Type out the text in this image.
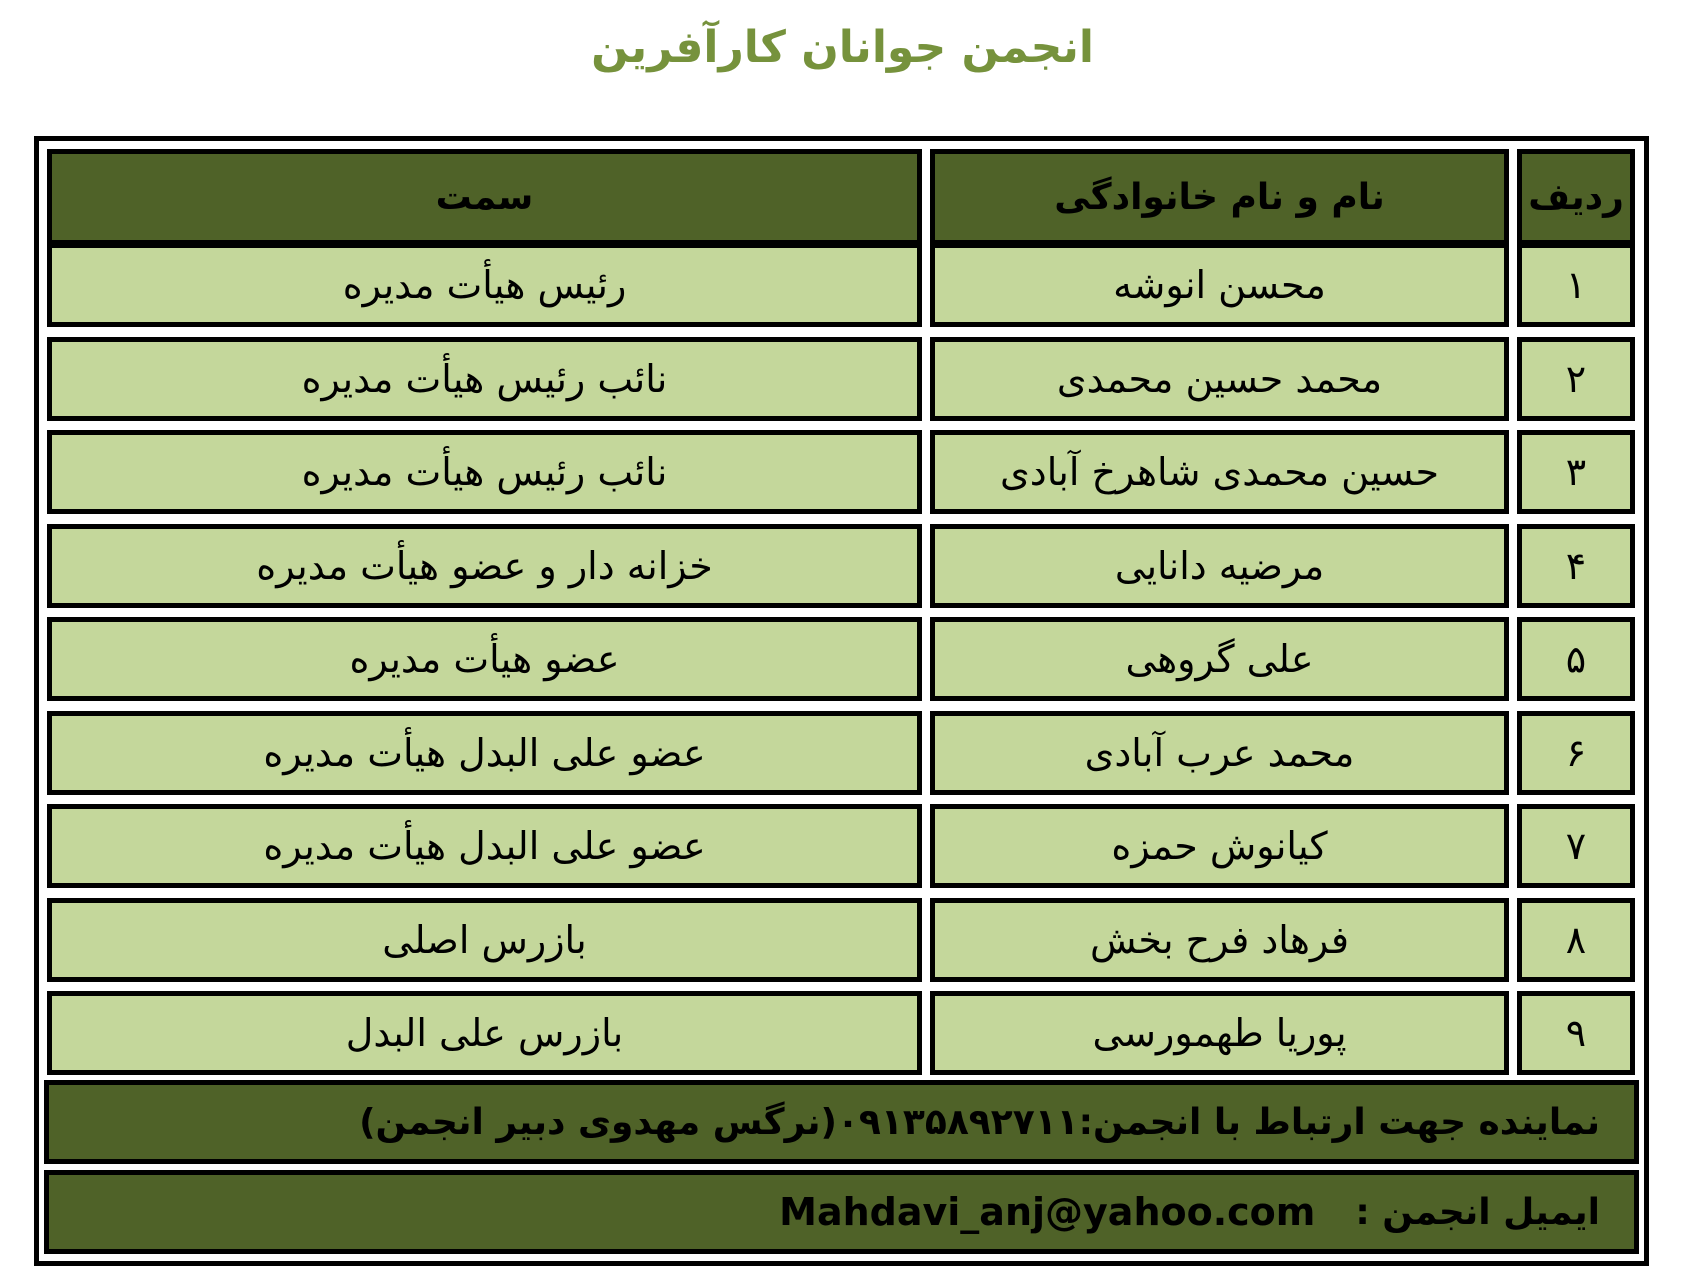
انجمن جوانان کارآفرین
ردیف
نام و نام خانوادگی
سمت
۱
محسن انوشه
رئیس هیأت مدیره
۲
محمد حسین محمدی
نائب رئیس هیأت مدیره
۳
حسین محمدی شاهرخ آبادی
نائب رئیس هیأت مدیره
۴
مرضیه دانایی
خزانه دار و عضو هیأت مدیره
۵
علی گروهی
عضو هیأت مدیره
۶
محمد عرب آبادی
عضو علی البدل هیأت مدیره
۷
کیانوش حمزه
عضو علی البدل هیأت مدیره
۸
فرهاد فرح بخش
بازرس اصلی
۹
پوریا طهمورسی
بازرس علی البدل
نماینده جهت ارتباط با انجمن:
۰۹۱۳۵۸۹۲۷۱۱(نرگس مهدوی دبیر انجمن)
ایمیل انجمن :
Mahdavi_anj@yahoo.com
